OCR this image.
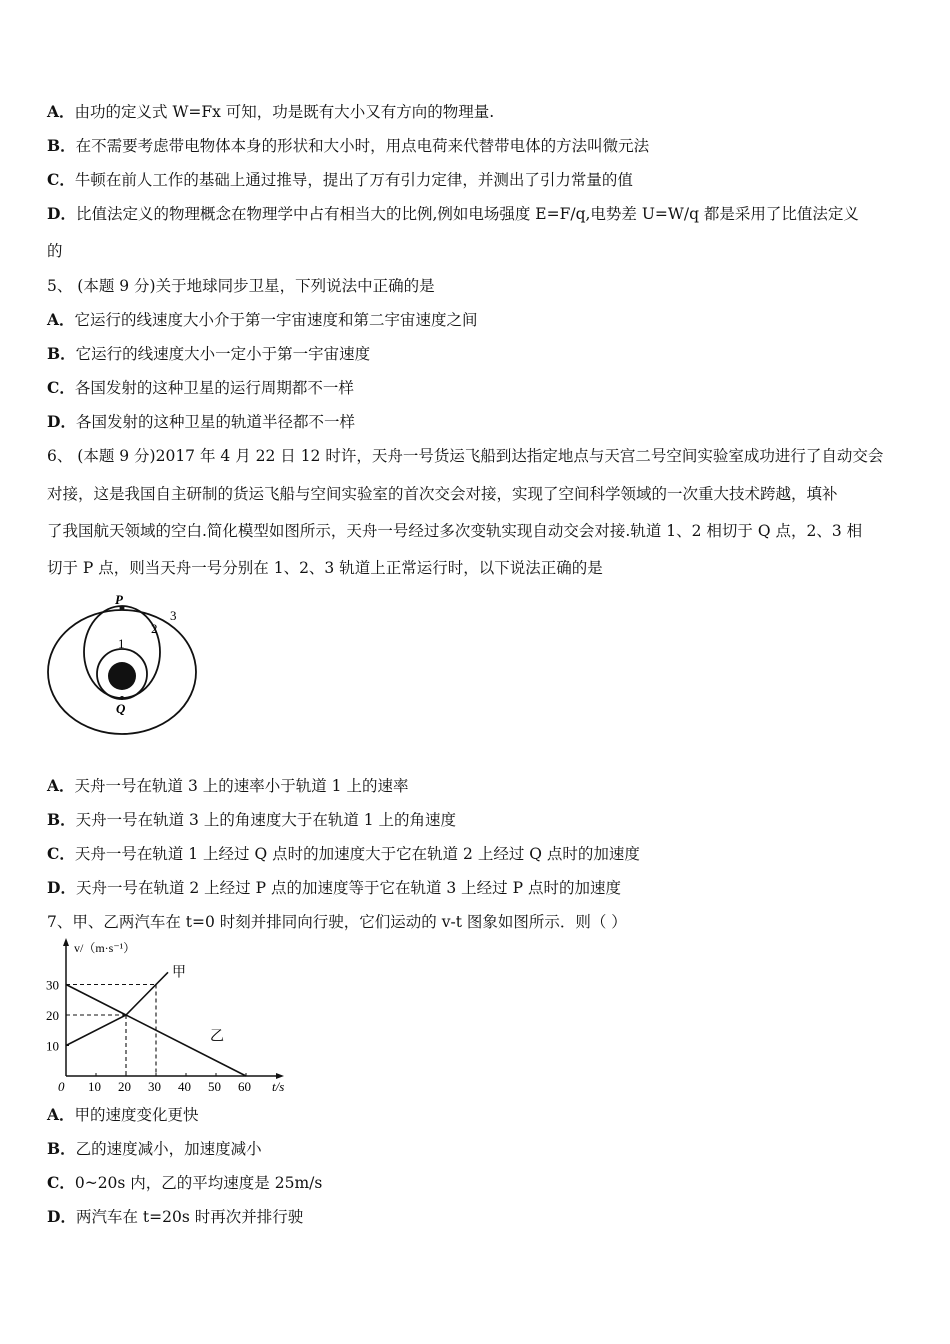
A．由功的定义式 W=Fx 可知，功是既有大小又有方向的物理量.
B．在不需要考虑带电物体本身的形状和大小时，用点电荷来代替带电体的方法叫微元法
C．牛顿在前人工作的基础上通过推导，提出了万有引力定律，并测出了引力常量的值
D．比值法定义的物理概念在物理学中占有相当大的比例,例如电场强度 E=F/q,电势差 U=W/q 都是采用了比值法定义
的
5、 (本题 9 分)关于地球同步卫星，下列说法中正确的是
A．它运行的线速度大小介于第一宇宙速度和第二宇宙速度之间
B．它运行的线速度大小一定小于第一宇宙速度
C．各国发射的这种卫星的运行周期都不一样
D．各国发射的这种卫星的轨道半径都不一样
6、 (本题 9 分)2017 年 4 月 22 日 12 时许，天舟一号货运飞船到达指定地点与天宫二号空间实验室成功进行了自动交会
对接，这是我国自主研制的货运飞船与空间实验室的首次交会对接，实现了空间科学领域的一次重大技术跨越，填补
了我国航天领域的空白.简化模型如图所示，天舟一号经过多次变轨实现自动交会对接.轨道 1、2 相切于 Q 点，2、3 相
切于 P 点，则当天舟一号分别在 1、2、3 轨道上正常运行时，以下说法正确的是
P
1
2
3
Q
A．天舟一号在轨道 3 上的速率小于轨道 1 上的速率
B．天舟一号在轨道 3 上的角速度大于在轨道 1 上的角速度
C．天舟一号在轨道 1 上经过 Q 点时的加速度大于它在轨道 2 上经过 Q 点时的加速度
D．天舟一号在轨道 2 上经过 P 点的加速度等于它在轨道 3 上经过 P 点时的加速度
7、甲、乙两汽车在 t=0 时刻并排同向行驶，它们运动的 v-t 图象如图所示．则（ ）
甲
乙
10 20 30 40 50 60
10
20
30
0	t/s
v/（m·s⁻¹）
A．甲的速度变化更快
B．乙的速度减小，加速度减小
C．0~20s 内，乙的平均速度是 25m/s
D．两汽车在 t=20s 时再次并排行驶
